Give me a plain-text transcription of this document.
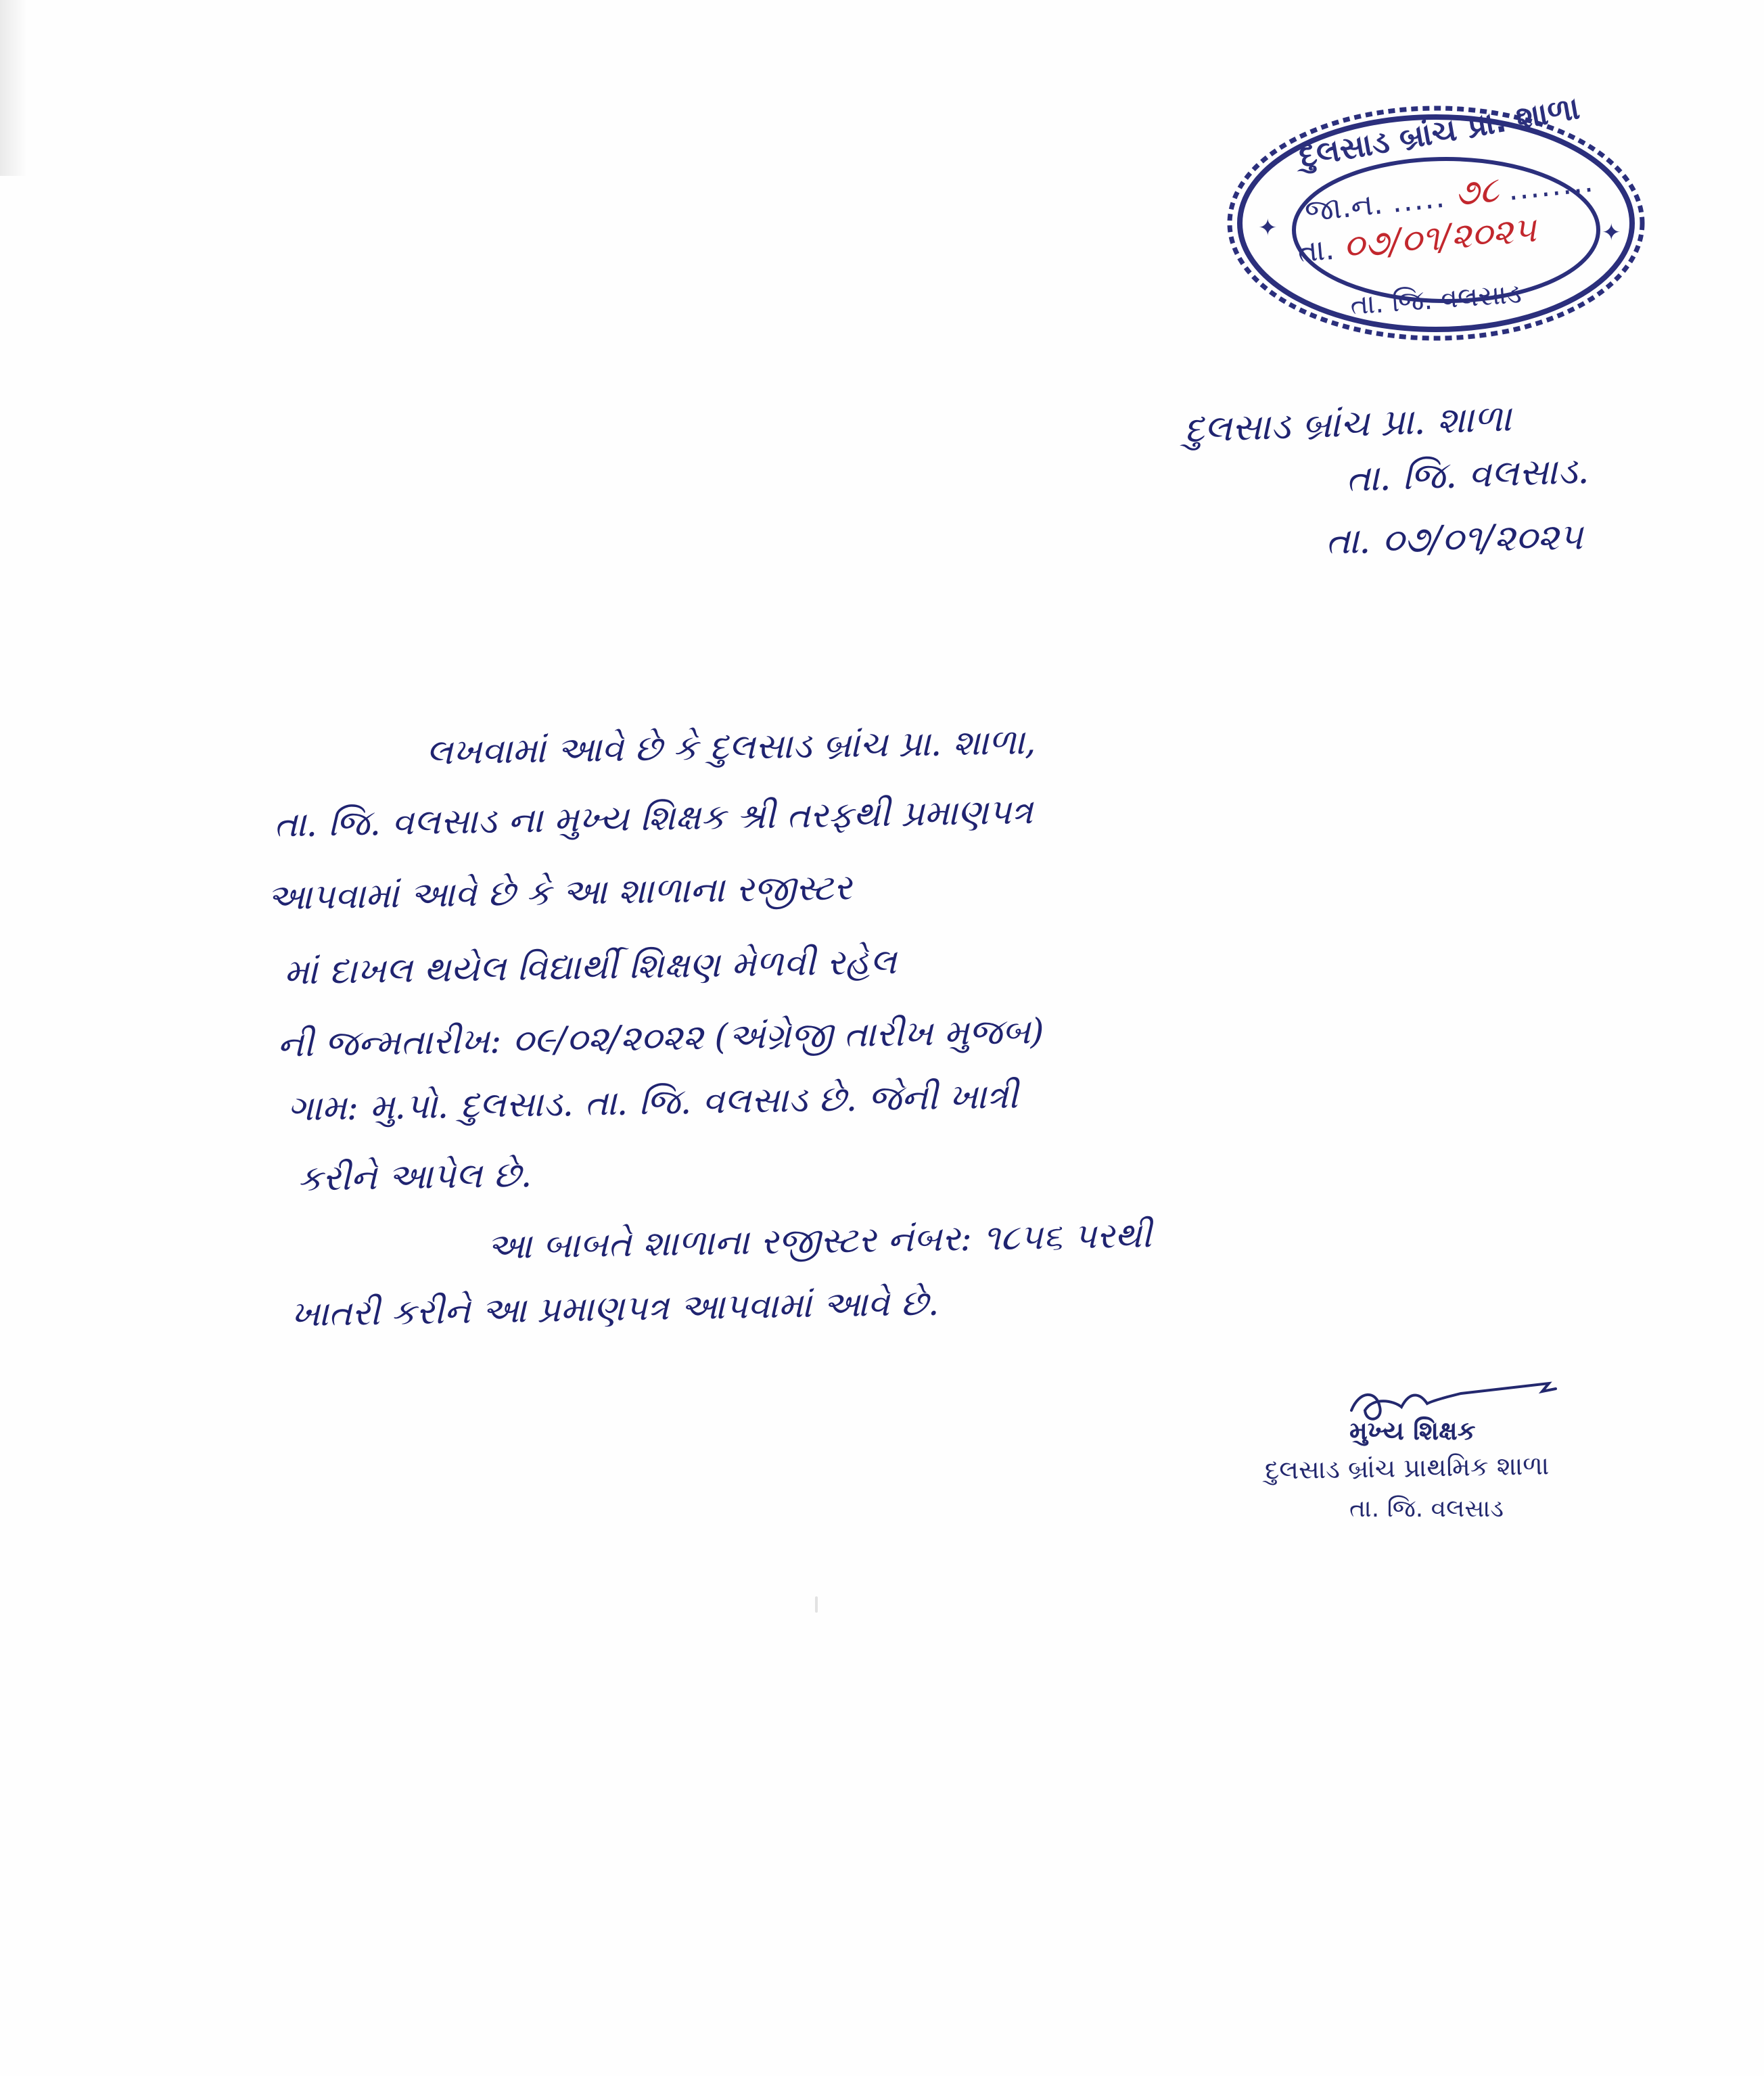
✦	✦
દુલસાડ બ્રાંચ પ્રા. શાળા
જા.ન. ..... ૭૮ ........
તા. ૦૭/૦૧/૨૦૨૫
તા. જિ. વલસાડ
દુલસાડ બ્રાંચ પ્રા. શાળા
તા. જિ. વલસાડ.
તા. ૦૭/૦૧/૨૦૨૫
લખવામાં આવે છે કે દુલસાડ બ્રાંચ પ્રા. શાળા,
તા. જિ. વલસાડ ના મુખ્ય શિક્ષક શ્રી તરફથી પ્રમાણપત્ર
આપવામાં આવે છે કે આ શાળાના રજીસ્ટર
માં દાખલ થયેલ વિદ્યાર્થી શિક્ષણ મેળવી રહેલ
ની જન્મતારીખ: ૦૯/૦૨/૨૦૨૨ (અંગ્રેજી તારીખ મુજબ)
ગામ: મુ.પો. દુલસાડ. તા. જિ. વલસાડ છે. જેની ખાત્રી
કરીને આપેલ છે.
આ બાબતે શાળાના રજીસ્ટર નંબર: ૧૮૫૬ પરથી
ખાતરી કરીને આ પ્રમાણપત્ર આપવામાં આવે છે.
મુખ્ય શિક્ષક
દુલસાડ બ્રાંચ પ્રાથમિક શાળા
તા. જિ. વલસાડ
